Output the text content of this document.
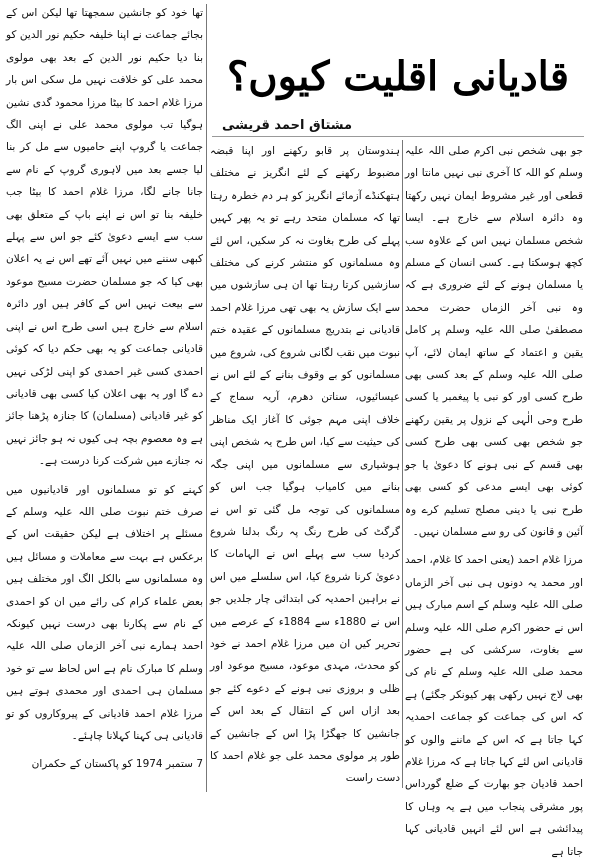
قادیانی اقلیت کیوں؟
مشتاق احمد قریشی

جو بھی شخص نبی اکرم صلی اللہ علیہ وسلم کو اللہ کا آخری نبی نہیں مانتا اور قطعی اور غیر مشروط ایمان نہیں رکھتا وہ دائرہ اسلام سے خارج ہے۔ ایسا شخص مسلمان نہیں اس کے علاوہ سب کچھ ہوسکتا ہے۔ کسی انسان کے مسلم یا مسلمان ہونے کے لئے ضروری ہے کہ وہ نبی آخر الزماں حضرت محمد مصطفیٰ صلی اللہ علیہ وسلم پر کامل یقین و اعتماد کے ساتھ ایمان لائے، آپ صلی اللہ علیہ وسلم کے بعد کسی بھی طرح کسی اور کو نبی یا پیغمبر یا کسی طرح وحی الٰہی کے نزول پر یقین رکھنے جو شخص بھی کسی بھی طرح کسی بھی قسم کے نبی ہونے کا دعویٰ یا جو کوئی بھی ایسے مدعی کو کسی بھی طرح نبی یا دینی مصلح تسلیم کرے وہ آئین و قانون کی رو سے مسلمان نہیں۔

مرزا غلام احمد (یعنی احمد کا غلام، احمد اور محمد یہ دونوں ہی نبی آخر الزماں صلی اللہ علیہ وسلم کے اسم مبارک ہیں اس نے حضور اکرم صلی اللہ علیہ وسلم سے بغاوت، سرکشی کی ہے حضور محمد صلی اللہ علیہ وسلم کے نام کی بھی لاج نہیں رکھی پھر کیونکر جگئے) ہے کہ اس کی جماعت کو جماعت احمدیہ کہا جاتا ہے کہ اس کے ماننے والوں کو قادیانی اس لئے کہا جاتا ہے کہ مرزا غلام احمد قادیان جو بھارت کے ضلع گورداس پور مشرقی پنجاب میں ہے یہ وہاں کا پیدائشی ہے اس لئے انہیں قادیانی کہا جاتا ہے

ہندوستان پر قابو رکھنے اور اپنا قبضہ مضبوط رکھنے کے لئے انگریز نے مختلف ہتھکنڈے آزمائے انگریز کو ہر دم خطرہ رہتا تھا کہ مسلمان متحد رہے تو یہ پھر کہیں پہلے کی طرح بغاوت نہ کر سکیں، اس لئے وہ مسلمانوں کو منتشر کرنے کی مختلف سازشیں کرتا رہتا تھا ان ہی سازشوں میں سے ایک سازش یہ بھی تھی مرزا غلام احمد قادیانی نے بتدریج مسلمانوں کے عقیدہ ختم نبوت میں نقب لگانی شروع کی، شروع میں مسلمانوں کو بے وقوف بنانے کے لئے اس نے عیسائیوں، سناتن دھرم، آریہ سماج کے خلاف اپنی مہم جوئی کا آغاز ایک مناظر کی حیثیت سے کیا، اس طرح یہ شخص اپنی ہوشیاری سے مسلمانوں میں اپنی جگہ بنانے میں کامیاب ہوگیا جب اس کو مسلمانوں کی توجہ مل گئی تو اس نے گرگٹ کی طرح رنگ پہ رنگ بدلنا شروع کردیا سب سے پہلے اس نے الہامات کا دعویٰ کرنا شروع کیا، اس سلسلے میں اس نے براہین احمدیہ کی ابتدائی چار جلدیں جو اس نے 1880ء سے 1884ء کے عرصے میں تحریر کیں ان میں مرزا غلام احمد نے خود کو محدث، مہدی موعود، مسیح موعود اور ظلی و بروزی نبی ہونے کے دعوے کئے جو بعد ازاں اس کے انتقال کے بعد اس کے جانشین کا جھگڑا پڑا اس کے جانشین کے طور پر مولوی محمد علی جو غلام احمد کا دست راست

تھا خود کو جانشین سمجھتا تھا لیکن اس کے بجائے جماعت نے اپنا خلیفہ حکیم نور الدین کو بنا دیا حکیم نور الدین کے بعد بھی مولوی محمد علی کو خلافت نہیں مل سکی اس بار مرزا غلام احمد کا بیٹا مرزا محمود گدی نشین ہوگیا تب مولوی محمد علی نے اپنی الگ جماعت یا گروپ اپنے حامیوں سے مل کر بنا لیا جسے بعد میں لاہوری گروپ کے نام سے جانا جانے لگا، مرزا غلام احمد کا بیٹا جب خلیفہ بنا تو اس نے اپنے باپ کے متعلق بھی سب سے ایسے دعویٰ کئے جو اس سے پہلے کبھی سننے میں نہیں آئے تھے اس نے یہ اعلان بھی کیا کہ جو مسلمان حضرت مسیح موعود سے بیعت نہیں اس کے کافر ہیں اور دائرہ اسلام سے خارج ہیں اسی طرح اس نے اپنی قادیانی جماعت کو یہ بھی حکم دیا کہ کوئی احمدی کسی غیر احمدی کو اپنی لڑکی نہیں دے گا اور یہ بھی اعلان کیا کسی بھی قادیانی کو غیر قادیانی (مسلمان) کا جنازہ پڑھنا جائز ہے وہ معصوم بچہ ہی کیوں نہ ہو جائز نہیں نہ جنازے میں شرکت کرنا درست ہے۔

کہنے کو تو مسلمانوں اور قادیانیوں میں صرف ختم نبوت صلی اللہ علیہ وسلم کے مسئلے پر اختلاف ہے لیکن حقیقت اس کے برعکس ہے بہت سے معاملات و مسائل ہیں وہ مسلمانوں سے بالکل الگ اور مختلف ہیں بعض علماء کرام کی رائے میں ان کو احمدی کے نام سے پکارنا بھی درست نہیں کیونکہ احمد ہمارے نبی آخر الزماں صلی اللہ علیہ وسلم کا مبارک نام ہے اس لحاظ سے تو خود مسلمان ہی احمدی اور محمدی ہوتے ہیں مرزا غلام احمد قادیانی کے پیروکاروں کو تو قادیانی ہی کہنا کہلانا چاہئے۔

7 ستمبر 1974 کو پاکستان کے حکمران
